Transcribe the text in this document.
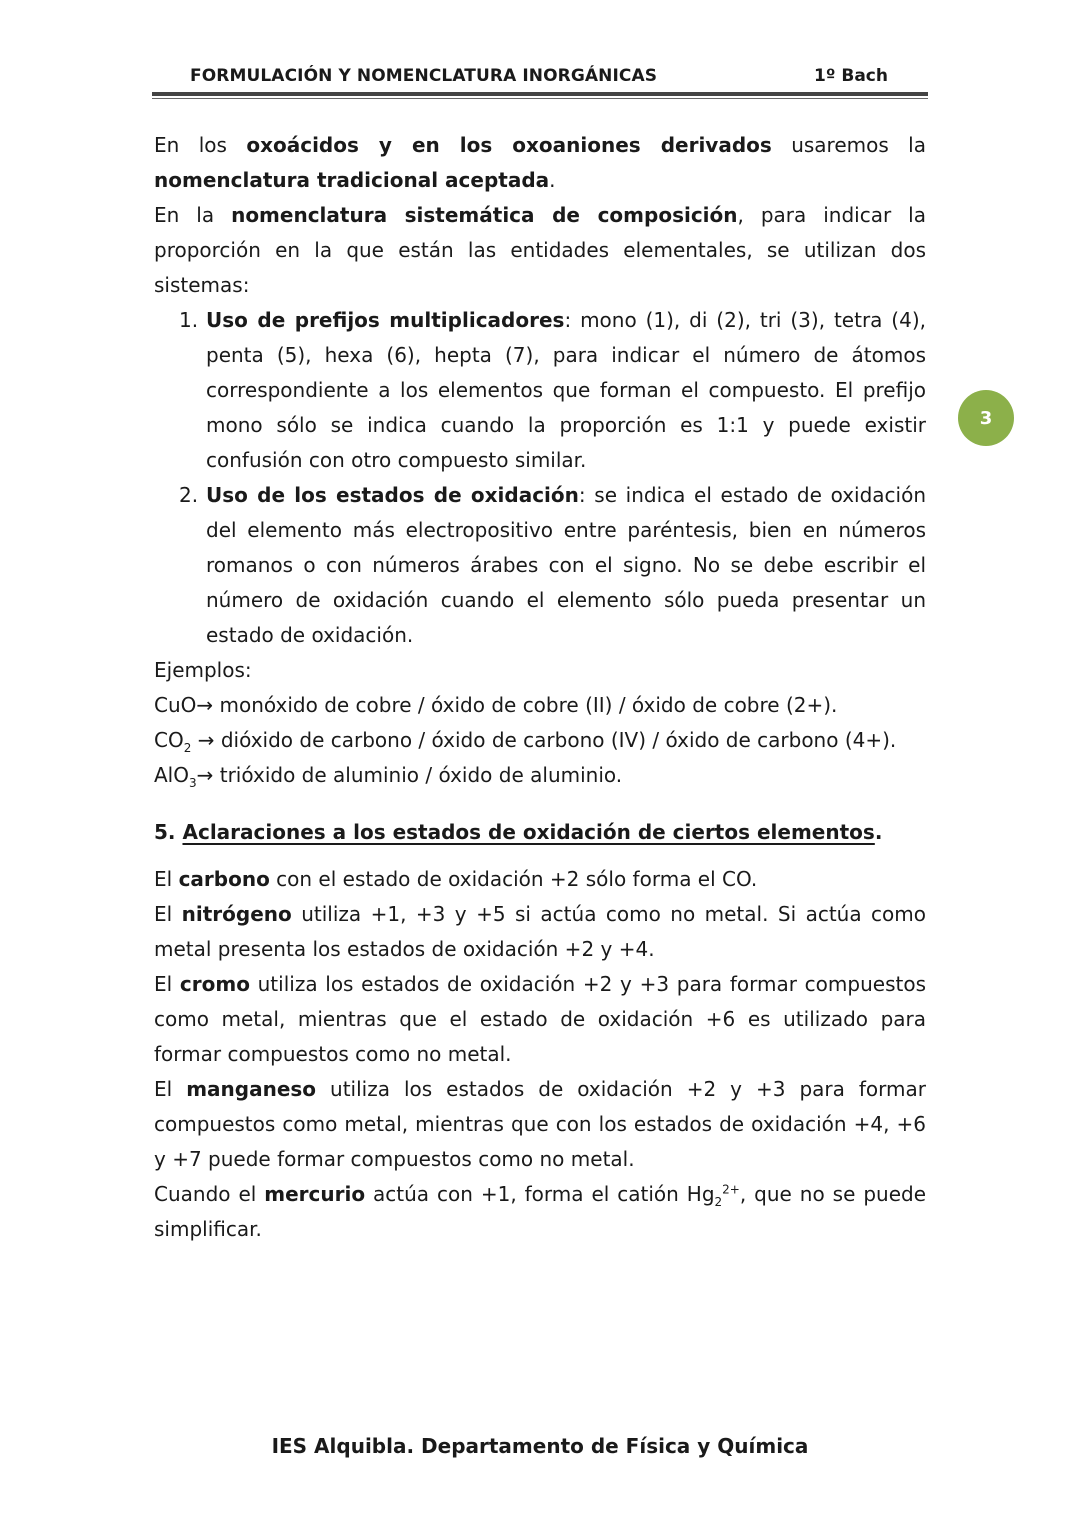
FORMULACIÓN Y NOMENCLATURA INORGÁNICAS	1º Bach
3

En los oxoácidos y en los oxoaniones derivados usaremos la nomenclatura tradicional aceptada.

En la nomenclatura sistemática de composición, para indicar la proporción en la que están las entidades elementales, se utilizan dos sistemas:

1. Uso de prefijos multiplicadores: mono (1), di (2), tri (3), tetra (4), penta (5), hexa (6), hepta (7), para indicar el número de átomos correspondiente a los elementos que forman el compuesto. El prefijo mono sólo se indica cuando la proporción es 1:1 y puede existir confusión con otro compuesto similar.
2. Uso de los estados de oxidación: se indica el estado de oxidación del elemento más electropositivo entre paréntesis, bien en números romanos o con números árabes con el signo. No se debe escribir el número de oxidación cuando el elemento sólo pueda presentar un estado de oxidación.

Ejemplos:

CuO→ monóxido de cobre / óxido de cobre (II) / óxido de cobre (2+).

$CO_2$ → dióxido de carbono / óxido de carbono (IV) / óxido de carbono (4+).

AlO$_3$→ trióxido de aluminio / óxido de aluminio.

5. Aclaraciones a los estados de oxidación de ciertos elementos.

El carbono con el estado de oxidación +2 sólo forma el CO.

El nitrógeno utiliza +1, +3 y +5 si actúa como no metal. Si actúa como metal presenta los estados de oxidación +2 y +4.

El cromo utiliza los estados de oxidación +2 y +3 para formar compuestos como metal, mientras que el estado de oxidación +6 es utilizado para formar compuestos como no metal.

El manganeso utiliza los estados de oxidación +2 y +3 para formar compuestos como metal, mientras que con los estados de oxidación +4, +6 y +7 puede formar compuestos como no metal.

Cuando el mercurio actúa con +1, forma el catión $Hg_2^{2+}$, que no se puede simplificar.

IES Alquibla. Departamento de Física y Química
